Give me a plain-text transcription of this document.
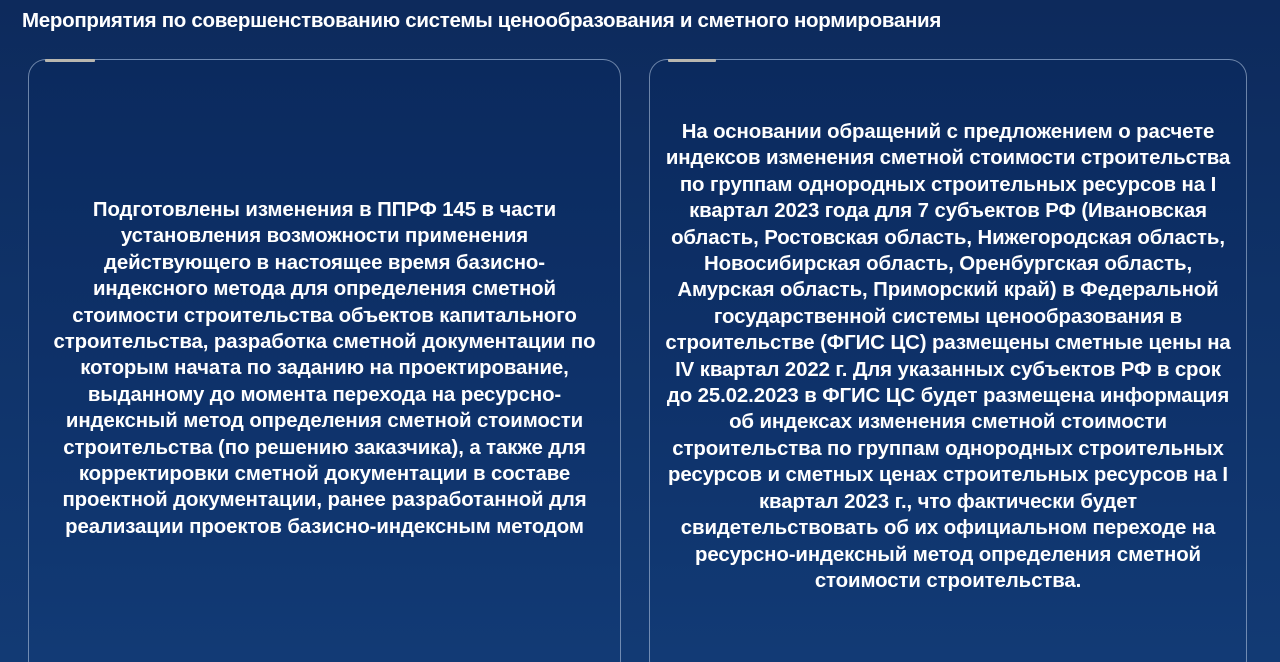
Мероприятия по совершенствованию системы ценообразования и сметного нормирования
Подготовлены изменения в ППРФ 145 в части установления возможности применения действующего в настоящее время базисно-индексного метода для определения сметной стоимости строительства объектов капитального строительства, разработка сметной документации по которым начата по заданию на проектирование, выданному до момента перехода на ресурсно-индексный метод определения сметной стоимости строительства (по решению заказчика), а также для корректировки сметной документации в составе проектной документации, ранее разработанной для реализации проектов базисно-индексным методом
На основании обращений с предложением о расчете индексов изменения сметной стоимости строительства по группам однородных строительных ресурсов на I квартал 2023 года для 7 субъектов РФ (Ивановская область, Ростовская область, Нижегородская область, Новосибирская область, Оренбургская область, Амурская область, Приморский край) в Федеральной государственной системы ценообразования в строительстве (ФГИС ЦС) размещены сметные цены на IV квартал 2022 г. Для указанных субъектов РФ в срок до 25.02.2023 в ФГИС ЦС будет размещена информация об индексах изменения сметной стоимости строительства по группам однородных строительных ресурсов и сметных ценах строительных ресурсов на I квартал 2023 г., что фактически будет свидетельствовать об их официальном переходе на ресурсно-индексный метод определения сметной стоимости строительства.
